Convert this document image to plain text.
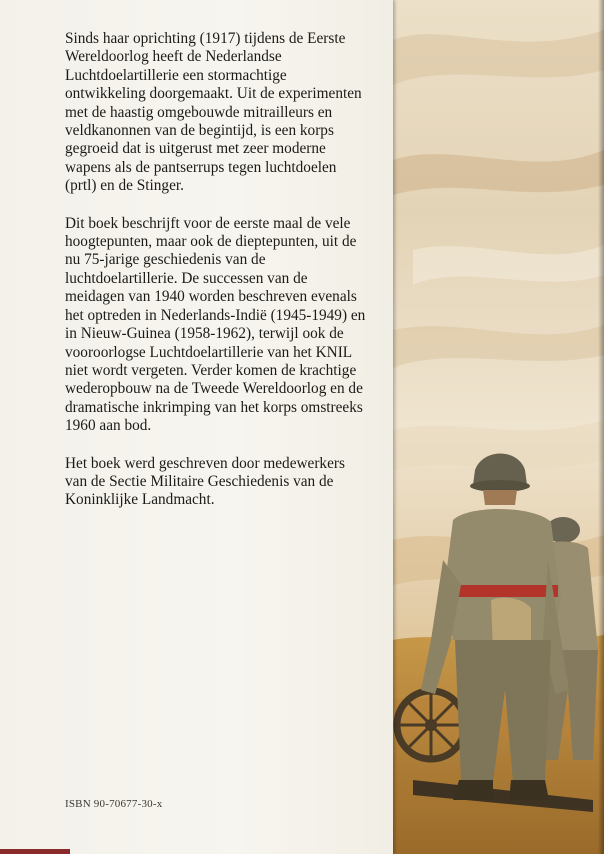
Sinds haar oprichting (1917) tijdens de Eerste Wereldoorlog heeft de Nederlandse Luchtdoelartillerie een stormachtige ontwikkeling doorgemaakt. Uit de experimenten met de haastig omgebouwde mitrailleurs en veldkanonnen van de begintijd, is een korps gegroeid dat is uitgerust met zeer moderne wapens als de pantserrups tegen luchtdoelen (prtl) en de Stinger.

Dit boek beschrijft voor de eerste maal de vele hoogtepunten, maar ook de dieptepunten, uit de nu 75-jarige geschiedenis van de luchtdoelartillerie. De successen van de meidagen van 1940 worden beschreven evenals het optreden in Nederlands-Indië (1945-1949) en in Nieuw-Guinea (1958-1962), terwijl ook de vooroorlogse Luchtdoelartillerie van het KNIL niet wordt vergeten. Verder komen de krachtige wederopbouw na de Tweede Wereldoorlog en de dramatische inkrimping van het korps omstreeks 1960 aan bod.

Het boek werd geschreven door medewerkers van de Sectie Militaire Geschiedenis van de Koninklijke Landmacht.

ISBN 90-70677-30-x
